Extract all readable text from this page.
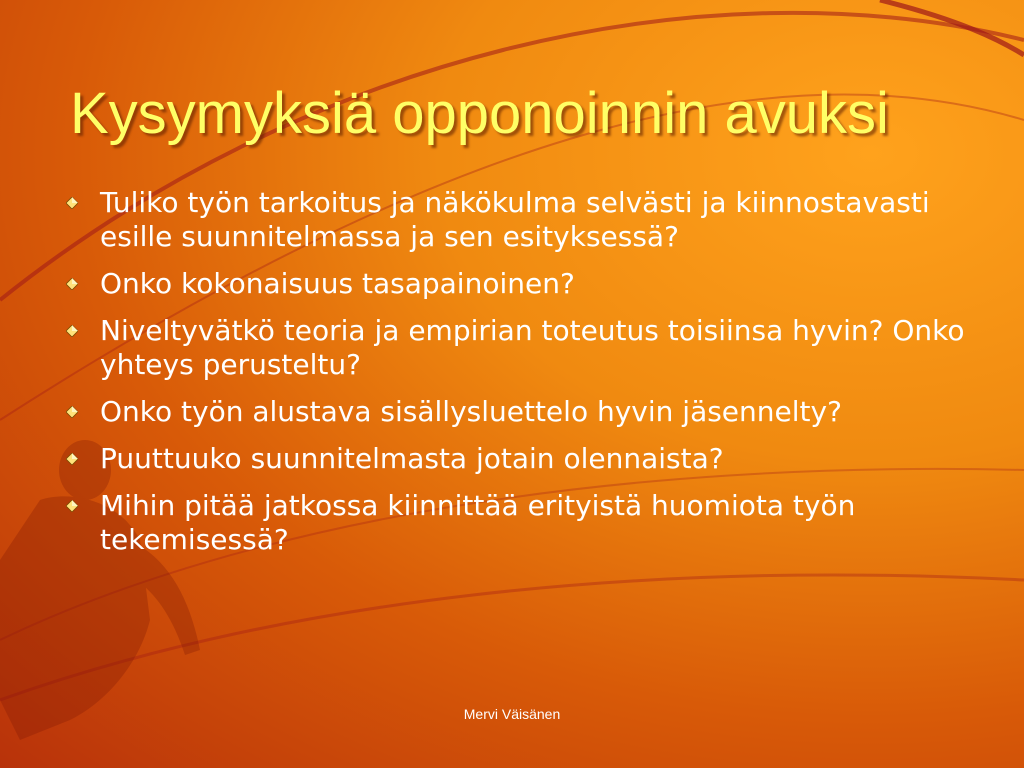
Kysymyksiä opponoinnin avuksi
Tuliko työn tarkoitus ja näkökulma selvästi ja kiinnostavasti esille suunnitelmassa ja sen esityksessä?
Onko kokonaisuus tasapainoinen?
Niveltyvätkö teoria ja empirian toteutus toisiinsa hyvin? Onko yhteys perusteltu?
Onko työn alustava sisällysluettelo hyvin jäsennelty?
Puuttuuko suunnitelmasta jotain olennaista?
Mihin pitää jatkossa kiinnittää erityistä huomiota työn tekemisessä?
Mervi Väisänen
